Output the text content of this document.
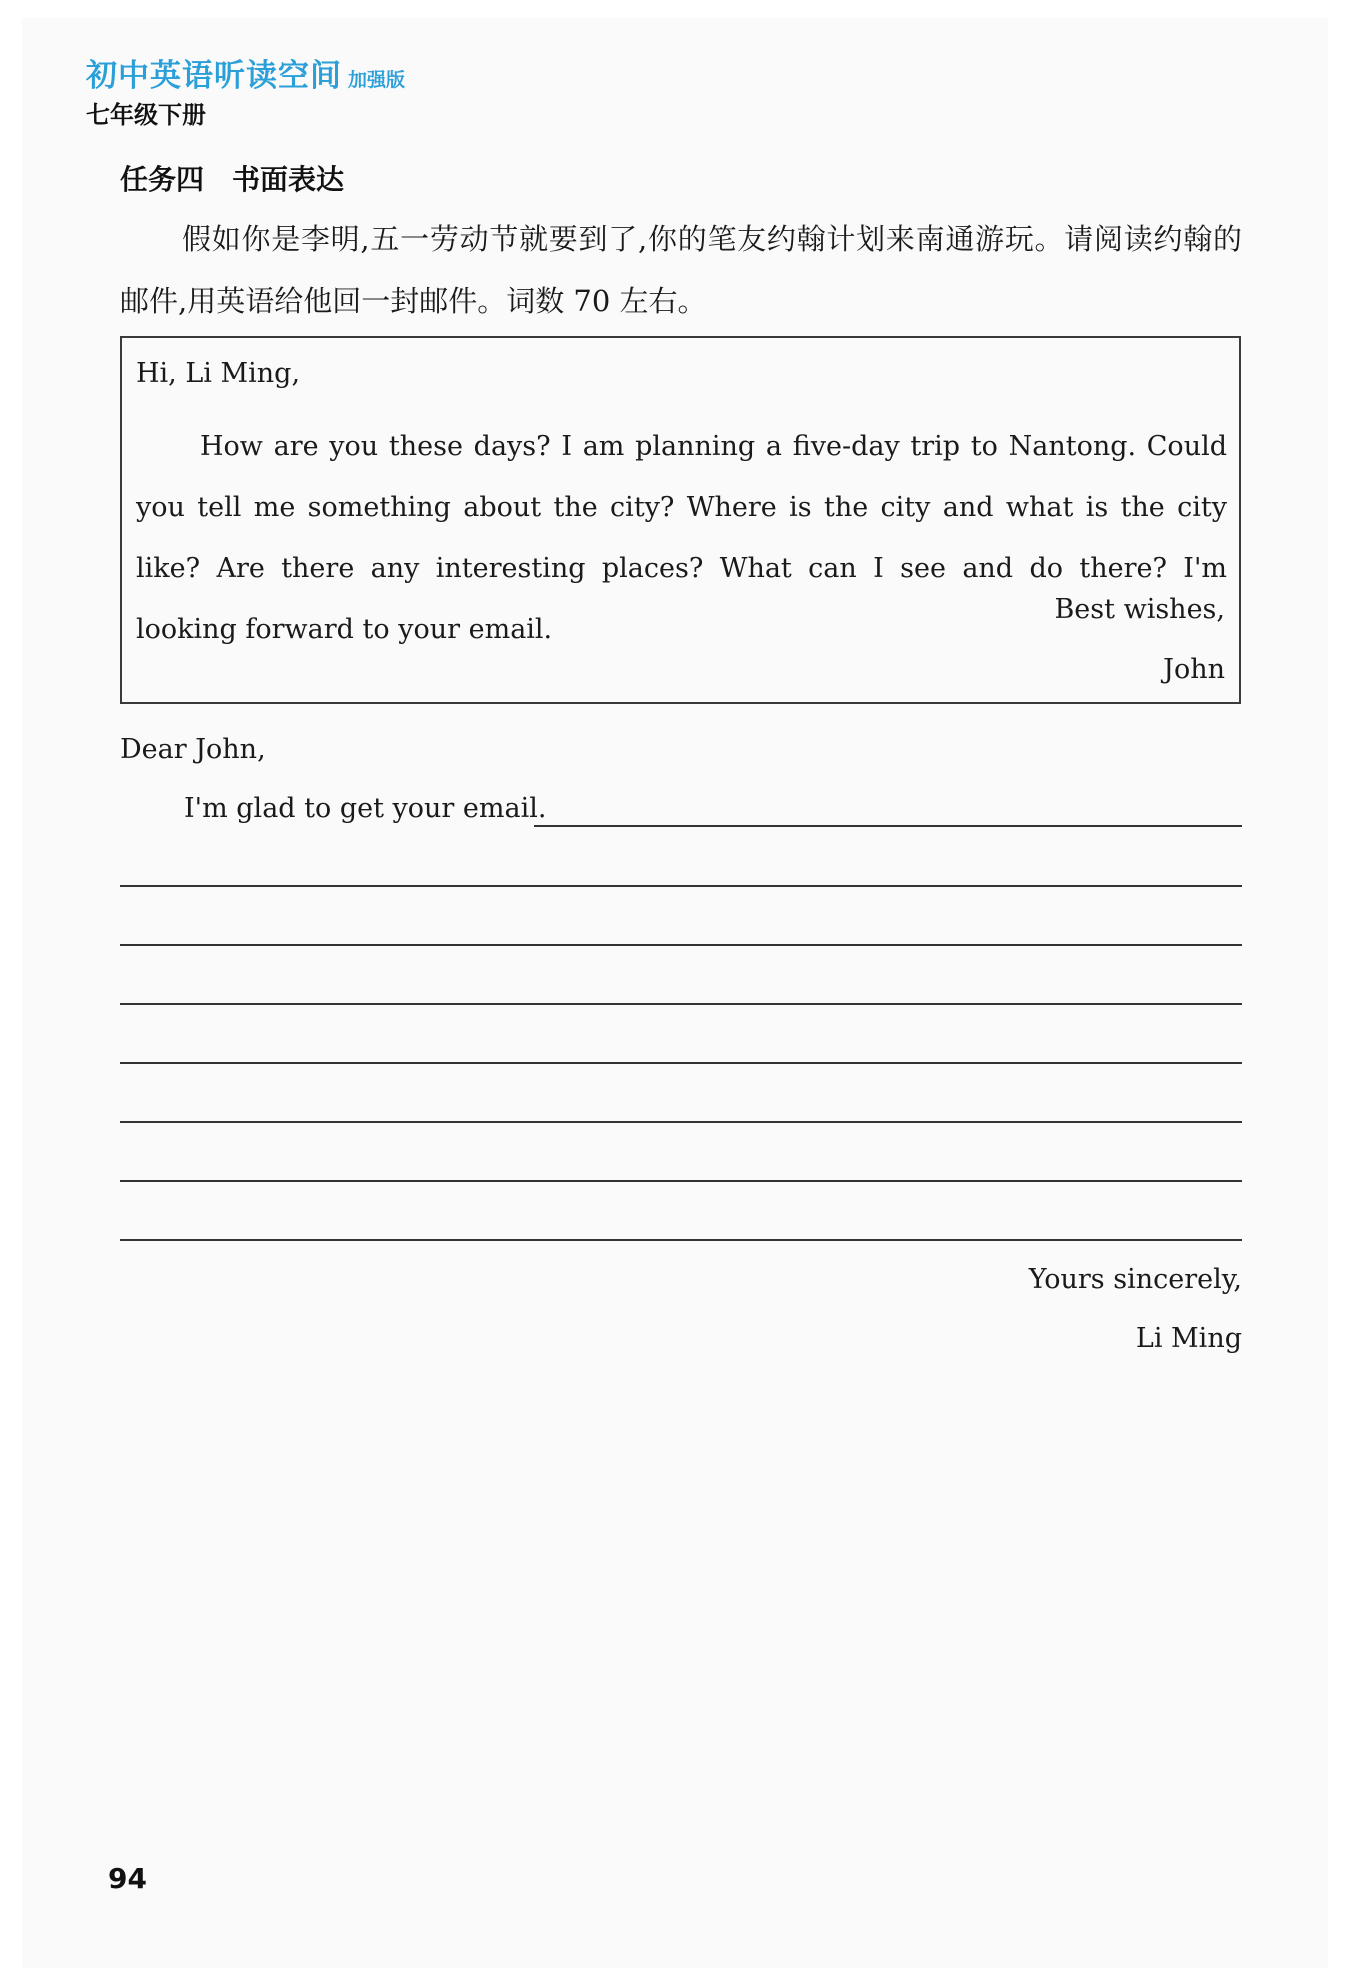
初中英语听读空间 加强版
七年级下册
任务四　书面表达
假如你是李明,五一劳动节就要到了,你的笔友约翰计划来南通游玩。请阅读约翰的邮件,用英语给他回一封邮件。词数 70 左右。
Hi, Li Ming,
How are you these days? I am planning a five-day trip to Nantong. Could you tell me something about the city? Where is the city and what is the city like? Are there any interesting places? What can I see and do there? I'm looking forward to your email.
Best wishes,
John
Dear John,
I'm glad to get your email.
Yours sincerely,
Li Ming
94
